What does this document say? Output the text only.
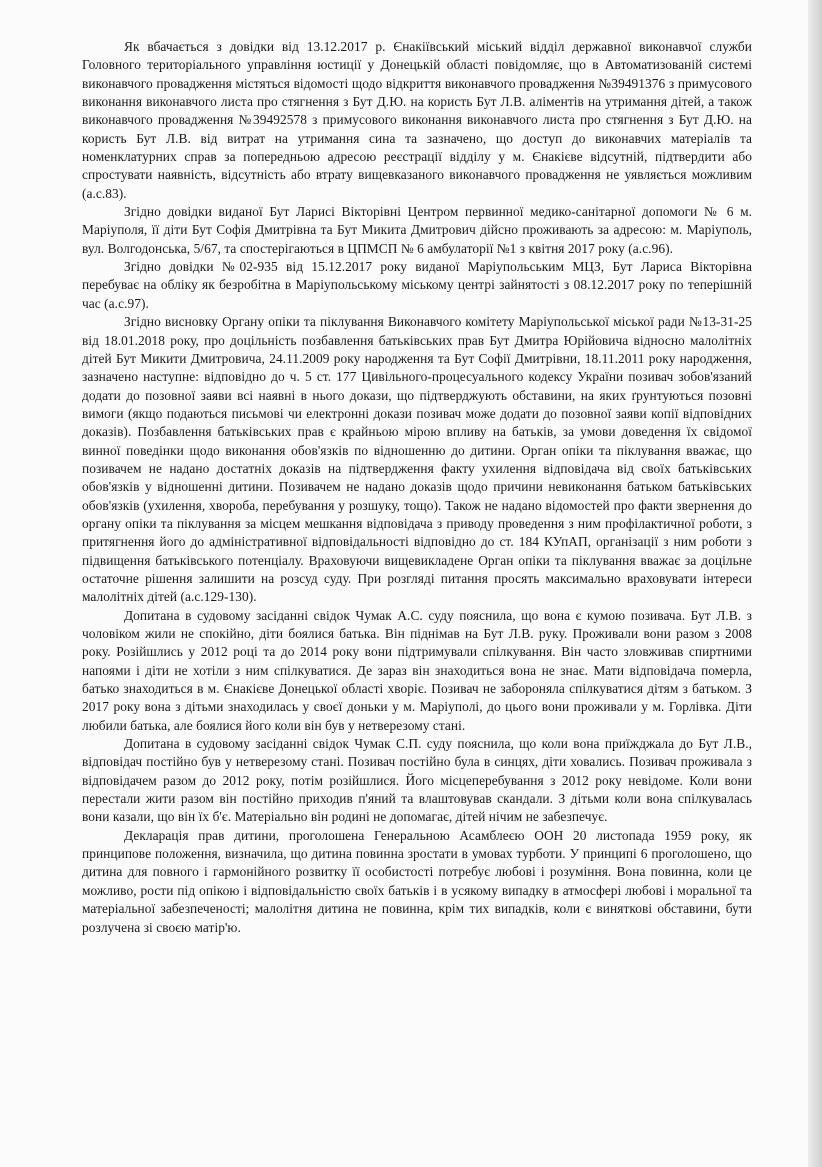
Як вбачається з довідки від 13.12.2017 р. Єнакіївський міський відділ державної виконавчої служби Головного територіального управління юстиції у Донецькій області повідомляє, що в Автоматизованій системі виконавчого провадження містяться відомості щодо відкриття виконавчого провадження №39491376 з примусового виконання виконавчого листа про стягнення з Бут Д.Ю. на користь Бут Л.В. аліментів на утримання дітей, а також виконавчого провадження №39492578 з примусового виконання виконавчого листа про стягнення з Бут Д.Ю. на користь Бут Л.В. від витрат на утримання сина та зазначено, що доступ до виконавчих матеріалів та номенклатурних справ за попередньою адресою реєстрації відділу у м. Єнакієве відсутній, підтвердити або спростувати наявність, відсутність або втрату вищевказаного виконавчого провадження не уявляється можливим (а.с.83).

Згідно довідки виданої Бут Ларисі Вікторівні Центром первинної медико-санітарної допомоги № 6 м. Маріуполя, її діти Бут Софія Дмитрівна та Бут Микита Дмитрович дійсно проживають за адресою: м. Маріуполь, вул. Волгодонська, 5/67, та спостерігаються в ЦПМСП № 6 амбулаторії №1 з квітня 2017 року (а.с.96).

Згідно довідки №02-935 від 15.12.2017 року виданої Маріупольським МЦЗ, Бут Лариса Вікторівна перебуває на обліку як безробітна в Маріупольському міському центрі зайнятості з 08.12.2017 року по теперішній час (а.с.97).

Згідно висновку Органу опіки та піклування Виконавчого комітету Маріупольської міської ради №13-31-25 від 18.01.2018 року, про доцільність позбавлення батьківських прав Бут Дмитра Юрійовича відносно малолітніх дітей Бут Микити Дмитровича, 24.11.2009 року народження та Бут Софії Дмитрівни, 18.11.2011 року народження, зазначено наступне: відповідно до ч. 5 ст. 177 Цивільного-процесуального кодексу України позивач зобов'язаний додати до позовної заяви всі наявні в нього докази, що підтверджують обставини, на яких ґрунтуються позовні вимоги (якщо подаються письмові чи електронні докази позивач може додати до позовної заяви копії відповідних доказів). Позбавлення батьківських прав є крайньою мірою впливу на батьків, за умови доведення їх свідомої винної поведінки щодо виконання обов'язків по відношенню до дитини. Орган опіки та піклування вважає, що позивачем не надано достатніх доказів на підтвердження факту ухилення відповідача від своїх батьківських обов'язків у відношенні дитини. Позивачем не надано доказів щодо причини невиконання батьком батьківських обов'язків (ухилення, хвороба, перебування у розшуку, тощо). Також не надано відомостей про факти звернення до органу опіки та піклування за місцем мешкання відповідача з приводу проведення з ним профілактичної роботи, з притягнення його до адміністративної відповідальності відповідно до ст. 184 КУпАП, організації з ним роботи з підвищення батьківського потенціалу. Враховуючи вищевикладене Орган опіки та піклування вважає за доцільне остаточне рішення залишити на розсуд суду. При розгляді питання просять максимально враховувати інтереси малолітніх дітей (а.с.129-130).

Допитана в судовому засіданні свідок Чумак А.С. суду пояснила, що вона є кумою позивача. Бут Л.В. з чоловіком жили не спокійно, діти боялися батька. Він піднімав на Бут Л.В. руку. Проживали вони разом з 2008 року. Розійшлись у 2012 році та до 2014 року вони підтримували спілкування. Він часто зловживав спиртними напоями і діти не хотіли з ним спілкуватися. Де зараз він знаходиться вона не знає. Мати відповідача померла, батько знаходиться в м. Єнакієве Донецької області хворіє. Позивач не забороняла спілкуватися дітям з батьком. З 2017 року вона з дітьми знаходилась у своєї доньки у м. Маріуполі, до цього вони проживали у м. Горлівка. Діти любили батька, але боялися його коли він був у нетверезому стані.

Допитана в судовому засіданні свідок Чумак С.П. суду пояснила, що коли вона приїжджала до Бут Л.В., відповідач постійно був у нетверезому стані. Позивач постійно була в синцях, діти ховались. Позивач проживала з відповідачем разом до 2012 року, потім розійшлися. Його місцеперебування з 2012 року невідоме. Коли вони перестали жити разом він постійно приходив п'яний та влаштовував скандали. З дітьми коли вона спілкувалась вони казали, що він їх б'є. Матеріально він родині не допомагає, дітей нічим не забезпечує.

Декларація прав дитини, проголошена Генеральною Асамблеєю ООН 20 листопада 1959 року, як принципове положення, визначила, що дитина повинна зростати в умовах турботи. У принципі 6 проголошено, що дитина для повного і гармонійного розвитку її особистості потребує любові і розуміння. Вона повинна, коли це можливо, рости під опікою і відповідальністю своїх батьків і в усякому випадку в атмосфері любові і моральної та матеріальної забезпеченості; малолітня дитина не повинна, крім тих випадків, коли є виняткові обставини, бути розлучена зі своєю матір'ю.
